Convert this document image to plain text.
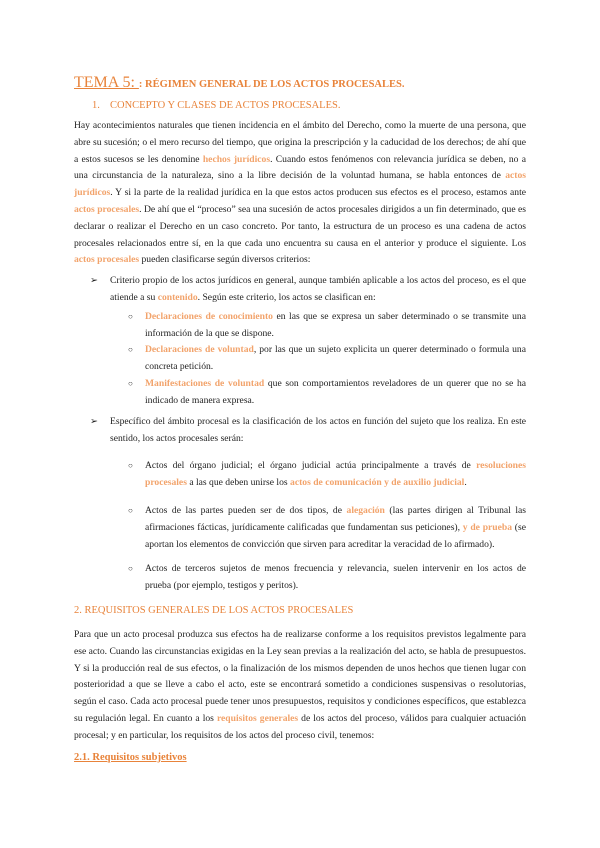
TEMA 5: : RÉGIMEN GENERAL DE LOS ACTOS PROCESALES.
1. CONCEPTO Y CLASES DE ACTOS PROCESALES.

Hay acontecimientos naturales que tienen incidencia en el ámbito del Derecho, como la muerte de una persona, que abre su sucesión; o el mero recurso del tiempo, que origina la prescripción y la caducidad de los derechos; de ahí que a estos sucesos se les denomine hechos jurídicos. Cuando estos fenómenos con relevancia jurídica se deben, no a una circunstancia de la naturaleza, sino a la libre decisión de la voluntad humana, se habla entonces de actos jurídicos. Y si la parte de la realidad jurídica en la que estos actos producen sus efectos es el proceso, estamos ante actos procesales. De ahí que el “proceso” sea una sucesión de actos procesales dirigidos a un fin determinado, que es declarar o realizar el Derecho en un caso concreto. Por tanto, la estructura de un proceso es una cadena de actos procesales relacionados entre sí, en la que cada uno encuentra su causa en el anterior y produce el siguiente. Los actos procesales pueden clasificarse según diversos criterios:

➢ Criterio propio de los actos jurídicos en general, aunque también aplicable a los actos del proceso, es el que atiende a su contenido. Según este criterio, los actos se clasifican en:
○ Declaraciones de conocimiento en las que se expresa un saber determinado o se transmite una información de la que se dispone.
○ Declaraciones de voluntad, por las que un sujeto explicita un querer determinado o formula una concreta petición.
○ Manifestaciones de voluntad que son comportamientos reveladores de un querer que no se ha indicado de manera expresa.
➢ Específico del ámbito procesal es la clasificación de los actos en función del sujeto que los realiza. En este sentido, los actos procesales serán:
○ Actos del órgano judicial; el órgano judicial actúa principalmente a través de resoluciones procesales a las que deben unirse los actos de comunicación y de auxilio judicial.
○ Actos de las partes pueden ser de dos tipos, de alegación (las partes dirigen al Tribunal las afirmaciones fácticas, jurídicamente calificadas que fundamentan sus peticiones), y de prueba (se aportan los elementos de convicción que sirven para acreditar la veracidad de lo afirmado).
○ Actos de terceros sujetos de menos frecuencia y relevancia, suelen intervenir en los actos de prueba (por ejemplo, testigos y peritos).
2. REQUISITOS GENERALES DE LOS ACTOS PROCESALES

Para que un acto procesal produzca sus efectos ha de realizarse conforme a los requisitos previstos legalmente para ese acto. Cuando las circunstancias exigidas en la Ley sean previas a la realización del acto, se habla de presupuestos. Y si la producción real de sus efectos, o la finalización de los mismos dependen de unos hechos que tienen lugar con posterioridad a que se lleve a cabo el acto, este se encontrará sometido a condiciones suspensivas o resolutorias, según el caso. Cada acto procesal puede tener unos presupuestos, requisitos y condiciones específicos, que establezca su regulación legal. En cuanto a los requisitos generales de los actos del proceso, válidos para cualquier actuación procesal; y en particular, los requisitos de los actos del proceso civil, tenemos:

2.1. Requisitos subjetivos
